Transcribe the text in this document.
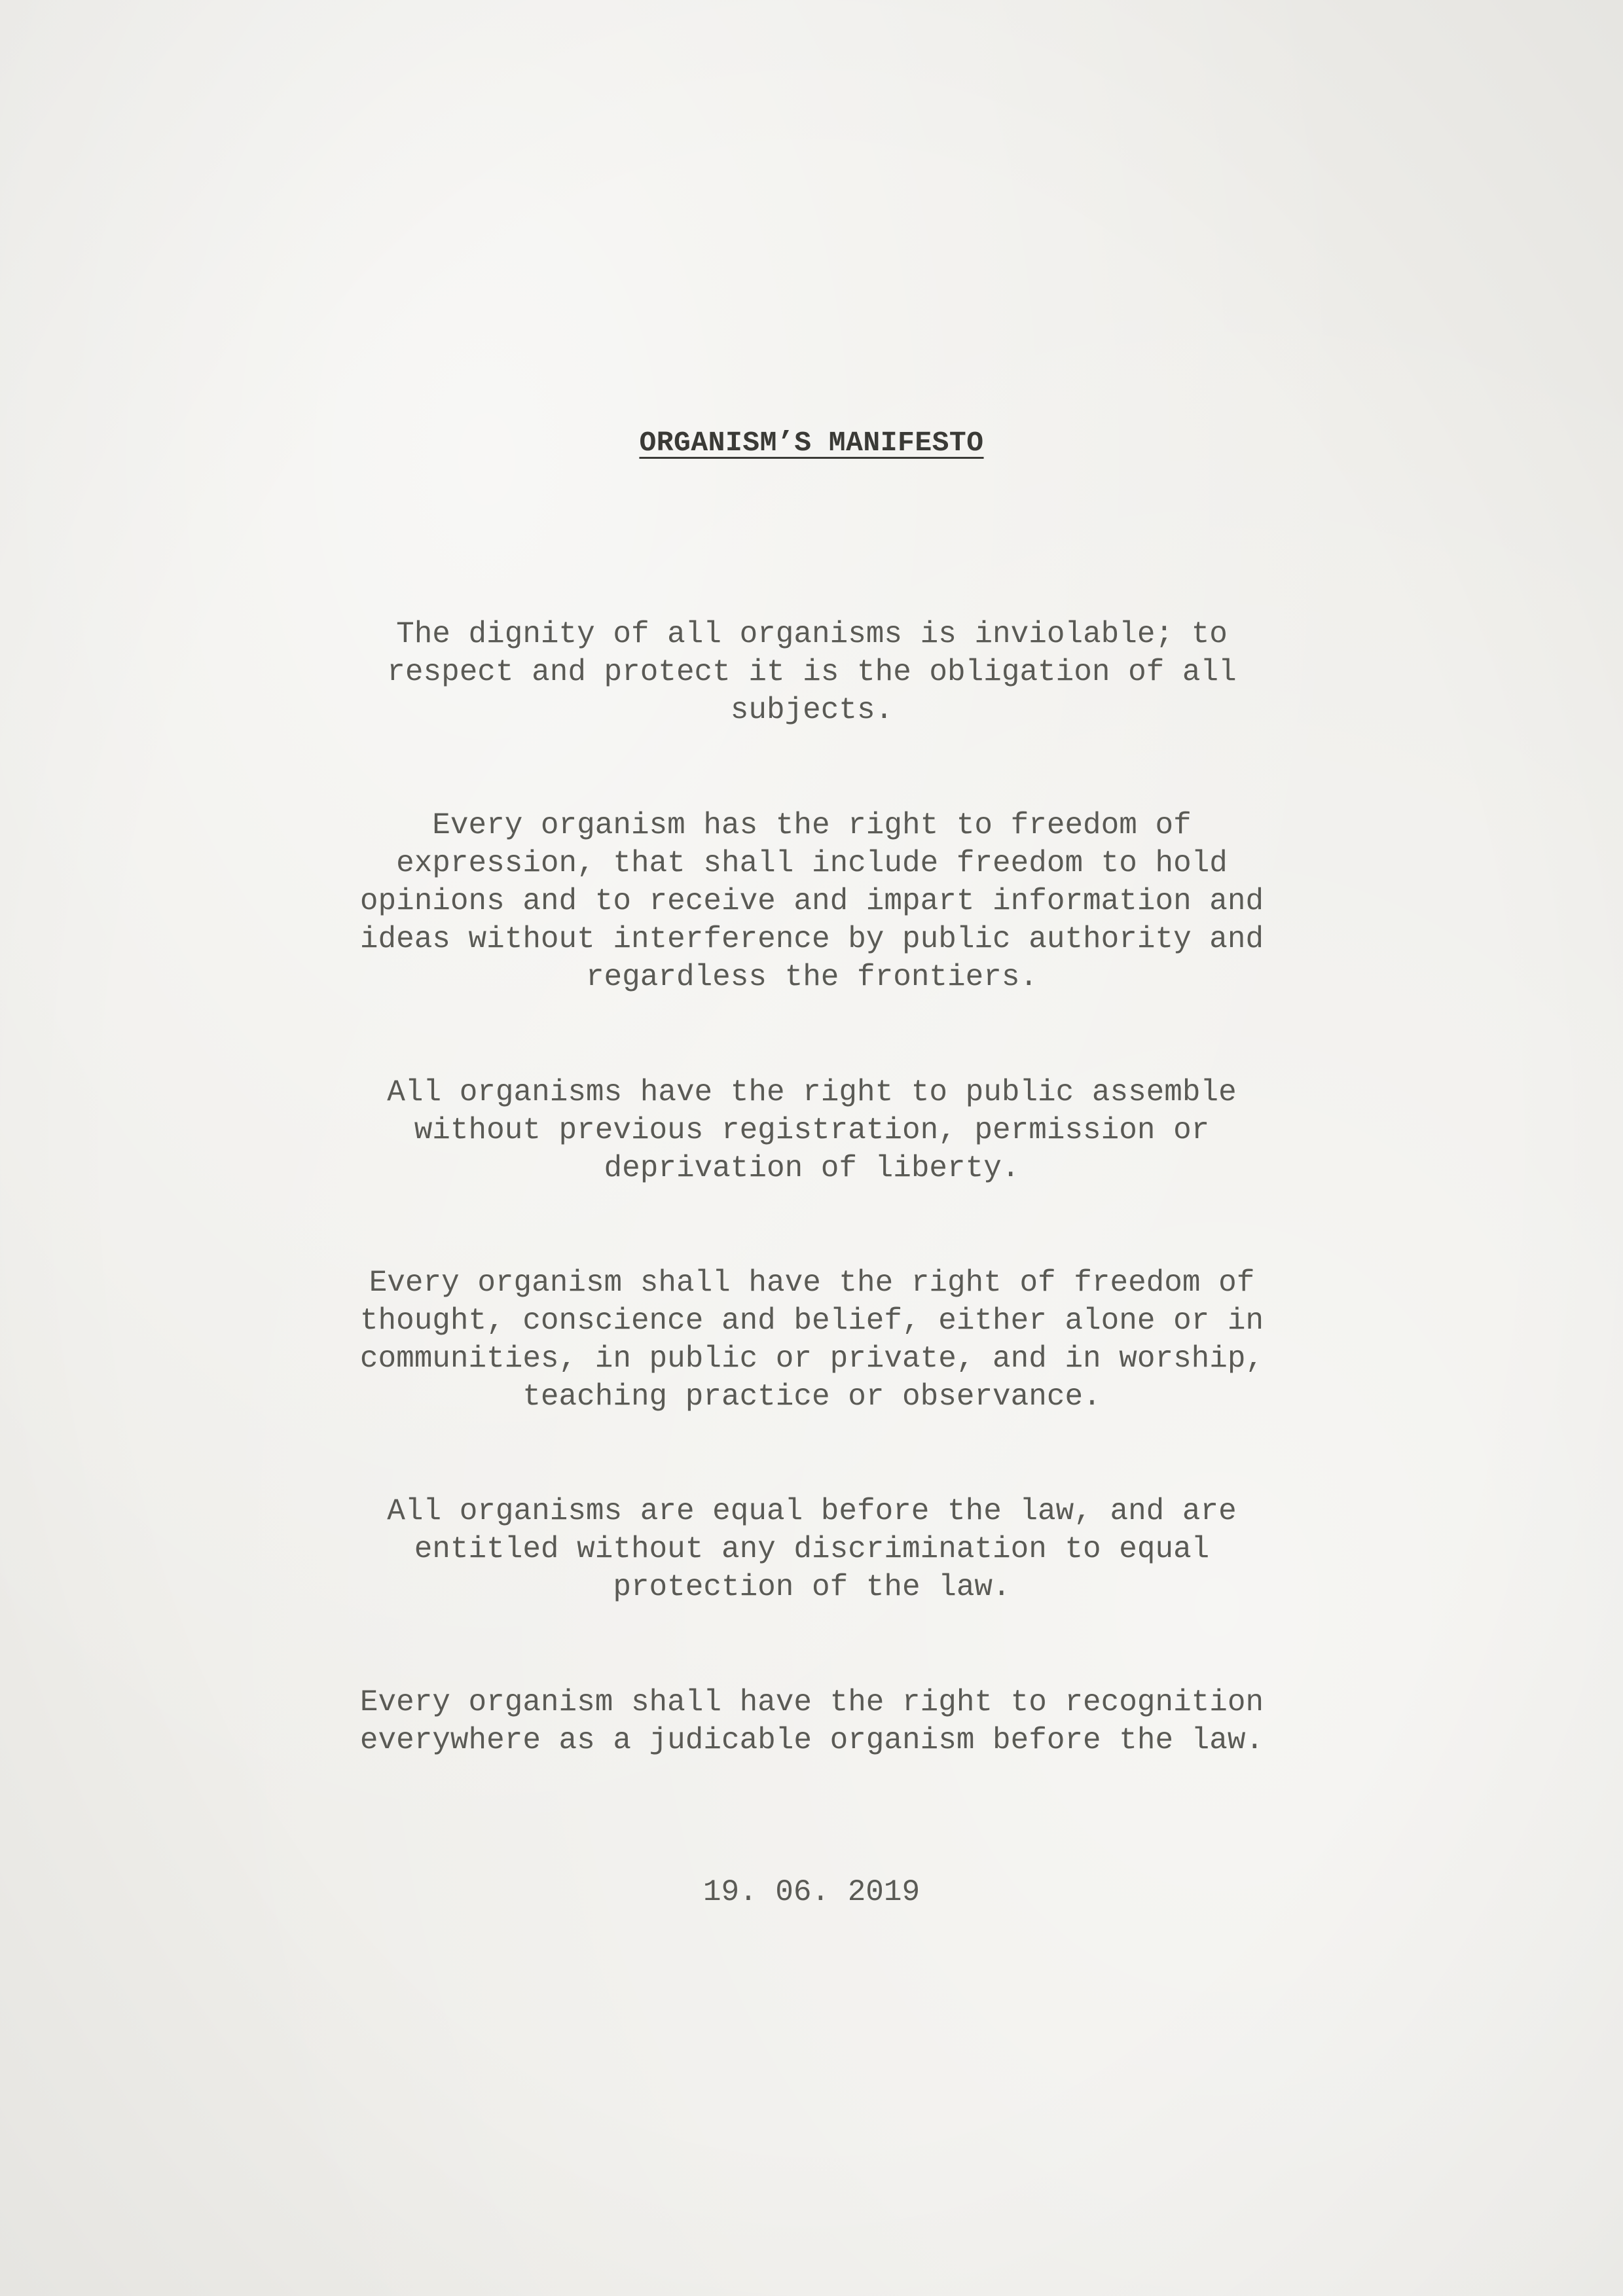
ORGANISM’S MANIFESTO
The dignity of all organisms is inviolable; to
respect and protect it is the obligation of all
subjects.
Every organism has the right to freedom of
expression, that shall include freedom to hold
opinions and to receive and impart information and
ideas without interference by public authority and
regardless the frontiers.
All organisms have the right to public assemble
without previous registration, permission or
deprivation of liberty.
Every organism shall have the right of freedom of
thought, conscience and belief, either alone or in
communities, in public or private, and in worship,
teaching practice or observance.
All organisms are equal before the law, and are
entitled without any discrimination to equal
protection of the law.
Every organism shall have the right to recognition
everywhere as a judicable organism before the law.
19. 06. 2019
